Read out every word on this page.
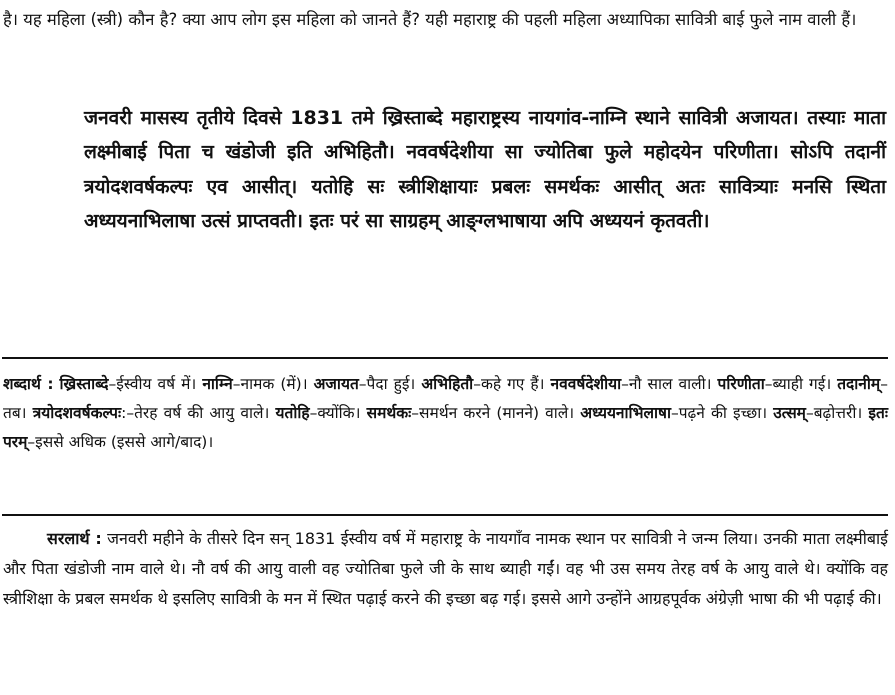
है। यह महिला (स्त्री) कौन है? क्या आप लोग इस महिला को जानते हैं? यही महाराष्ट्र की पहली महिला अध्यापिका सावित्री बाई फुले नाम वाली हैं।
जनवरी मासस्य तृतीये दिवसे 1831 तमे ख्रिस्ताब्दे महाराष्ट्रस्य नायगांव-नाम्नि स्थाने सावित्री अजायत। तस्याः माता लक्ष्मीबाई पिता च खंडोजी इति अभिहितौ। नववर्षदेशीया सा ज्योतिबा फुले महोदयेन परिणीता। सोऽपि तदानीं त्रयोदशवर्षकल्पः एव आसीत्। यतोहि सः स्त्रीशिक्षायाः प्रबलः समर्थकः आसीत् अतः सावित्र्याः मनसि स्थिता अध्ययनाभिलाषा उत्सं प्राप्तवती। इतः परं सा साग्रहम् आङ्ग्लभाषाया अपि अध्ययनं कृतवती।
शब्दार्थ : ख्रिस्ताब्दे–ईस्वीय वर्ष में। नाम्नि–नामक (में)। अजायत–पैदा हुई। अभिहितौ–कहे गए हैं। नववर्षदेशीया–नौ साल वाली। परिणीता–ब्याही गई। तदानीम्–तब। त्रयोदशवर्षकल्पः:–तेरह वर्ष की आयु वाले। यतोहि–क्योंकि। समर्थकः–समर्थन करने (मानने) वाले। अध्ययनाभिलाषा–पढ़ने की इच्छा। उत्सम्–बढ़ोत्तरी। इतः परम्–इससे अधिक (इससे आगे/बाद)।
सरलार्थ : जनवरी महीने के तीसरे दिन सन् 1831 ईस्वीय वर्ष में महाराष्ट्र के नायगाँव नामक स्थान पर सावित्री ने जन्म लिया। उनकी माता लक्ष्मीबाई और पिता खंडोजी नाम वाले थे। नौ वर्ष की आयु वाली वह ज्योतिबा फुले जी के साथ ब्याही गईं। वह भी उस समय तेरह वर्ष के आयु वाले थे। क्योंकि वह स्त्रीशिक्षा के प्रबल समर्थक थे इसलिए सावित्री के मन में स्थित पढ़ाई करने की इच्छा बढ़ गई। इससे आगे उन्होंने आग्रहपूर्वक अंग्रेज़ी भाषा की भी पढ़ाई की।
